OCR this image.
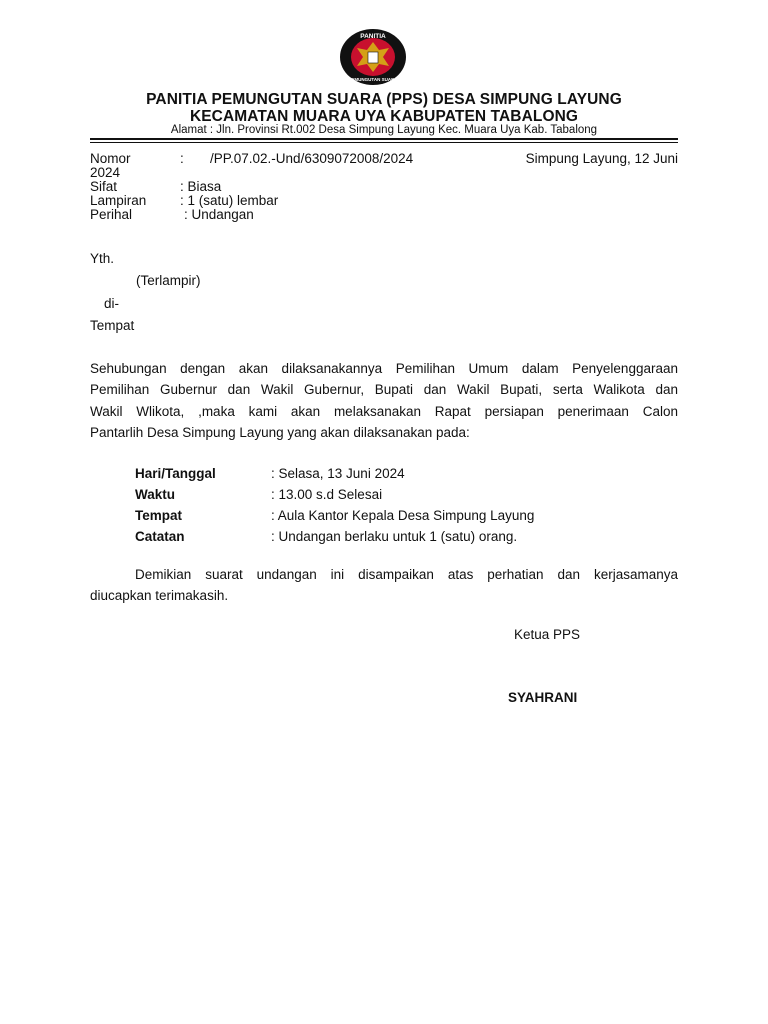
PANITIA
PEMUNGUTAN SUARA
PANITIA PEMUNGUTAN SUARA (PPS) DESA SIMPUNG LAYUNG
KECAMATAN MUARA UYA KABUPATEN TABALONG
Alamat : Jln. Provinsi Rt.002 Desa Simpung Layung Kec. Muara Uya Kab. Tabalong
Nomor	: /PP.07.02.-Und/6309072008/2024	Simpung Layung, 12 Juni
2024
Sifat	: Biasa
Lampiran : 1 (satu) lembar
Perihal	: Undangan
Yth.
(Terlampir)
di-
Tempat
Sehubungan dengan akan dilaksanakannya Pemilihan Umum dalam Penyelenggaraan
Pemilihan Gubernur dan Wakil Gubernur, Bupati dan Wakil Bupati, serta Walikota dan
Wakil Wlikota, ,maka kami akan melaksanakan Rapat persiapan penerimaan Calon
Pantarlih Desa Simpung Layung yang akan dilaksanakan pada:
Hari/Tanggal	: Selasa, 13 Juni 2024
Waktu	: 13.00 s.d Selesai
Tempat	: Aula Kantor Kepala Desa Simpung Layung
Catatan	: Undangan berlaku untuk 1 (satu) orang.
Demikian suarat undangan ini disampaikan atas perhatian dan kerjasamanya
diucapkan terimakasih.
Ketua PPS
SYAHRANI
